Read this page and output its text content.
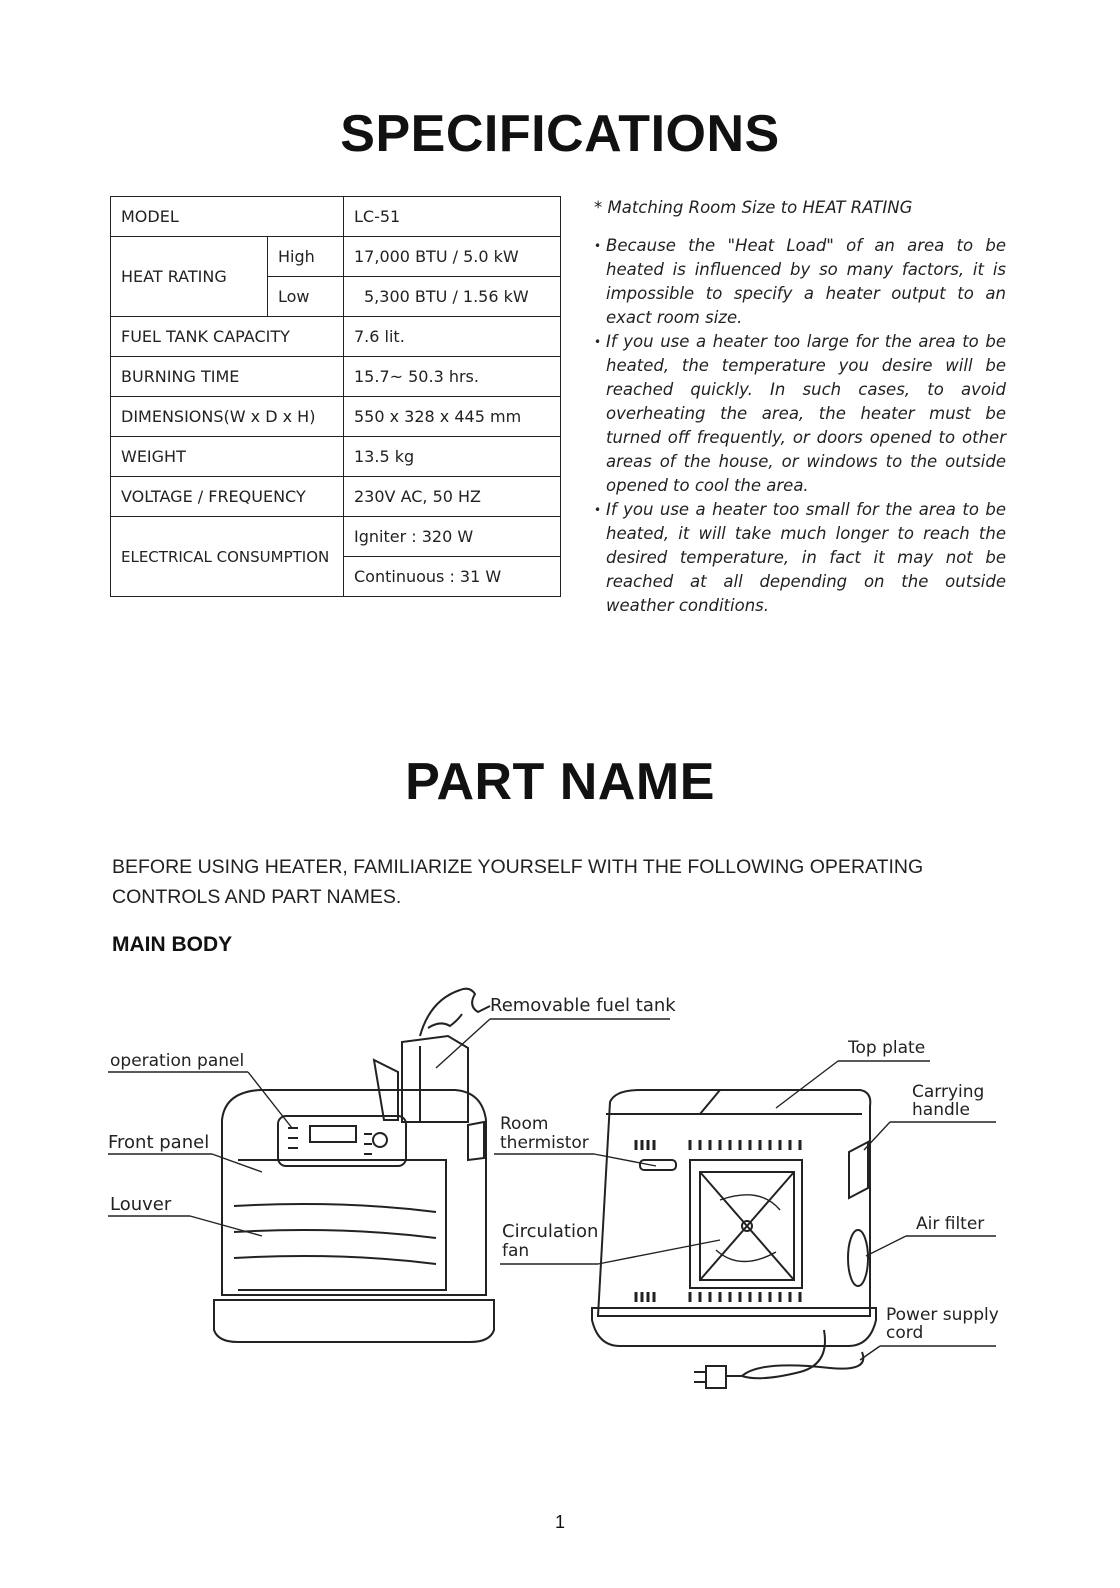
SPECIFICATIONS
MODEL		LC-51
HEAT RATING	High	17,000 BTU / 5.0 kW
	Low	5,300 BTU / 1.56 kW
FUEL TANK CAPACITY		7.6 lit.
BURNING TIME		15.7~ 50.3 hrs.
DIMENSIONS(W x D x H)		550 x 328 x 445 mm
WEIGHT		13.5 kg
VOLTAGE / FREQUENCY		230V AC, 50 HZ
ELECTRICAL CONSUMPTION		Igniter : 320 W
		Continuous : 31 W
* Matching Room Size to HEAT RATING
• Because the "Heat Load" of an area to be heated is influenced by so many factors, it is impossible to specify a heater output to an exact room size.
• If you use a heater too large for the area to be heated, the temperature you desire will be reached quickly. In such cases, to avoid overheating the area, the heater must be turned off frequently, or doors opened to other areas of the house, or windows to the outside opened to cool the area.
• If you use a heater too small for the area to be heated, it will take much longer to reach the desired temperature, in fact it may not be reached at all depending on the outside weather conditions.
PART NAME
BEFORE USING HEATER, FAMILIARIZE YOURSELF WITH THE FOLLOWING OPERATING CONTROLS AND PART NAMES.
MAIN BODY
Removable fuel tank
operation panel
Front panel
Louver
Room
thermistor
Circulation
fan
Top plate
Carrying
handle
Air filter
Power supply
cord
1
